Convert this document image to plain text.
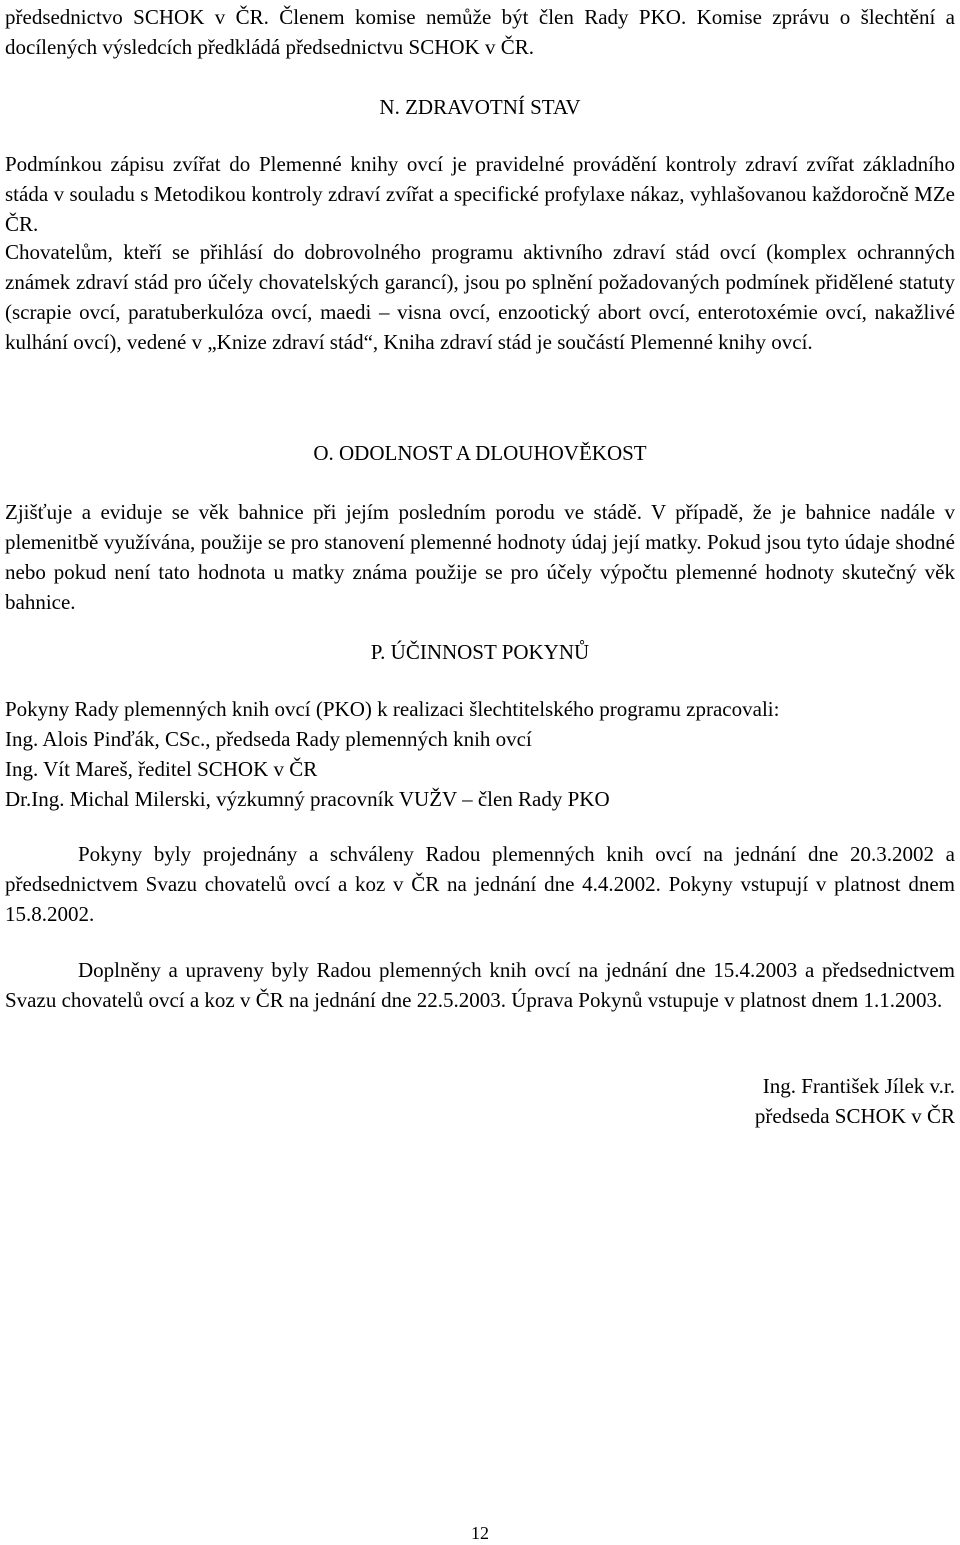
předsednictvo SCHOK v ČR. Členem komise nemůže být člen Rady PKO. Komise zprávu o šlechtění a docílených výsledcích předkládá předsednictvu SCHOK v ČR.

N. ZDRAVOTNÍ STAV

Podmínkou zápisu zvířat do Plemenné knihy ovcí je pravidelné provádění kontroly zdraví zvířat základního stáda v souladu s Metodikou kontroly zdraví zvířat a specifické profylaxe nákaz, vyhlašovanou každoročně MZe ČR.

Chovatelům, kteří se přihlásí do dobrovolného programu aktivního zdraví stád ovcí (komplex ochranných známek zdraví stád pro účely chovatelských garancí), jsou po splnění požadovaných podmínek přidělené statuty (scrapie ovcí, paratuberkulóza ovcí, maedi – visna ovcí, enzootický abort ovcí, enterotoxémie ovcí, nakažlivé kulhání ovcí), vedené v „Knize zdraví stád“, Kniha zdraví stád je součástí Plemenné knihy ovcí.

O. ODOLNOST A DLOUHOVĚKOST

Zjišťuje a eviduje se věk bahnice při jejím posledním porodu ve stádě. V případě, že je bahnice nadále v plemenitbě využívána, použije se pro stanovení plemenné hodnoty údaj její matky. Pokud jsou tyto údaje shodné nebo pokud není tato hodnota u matky známa použije se pro účely výpočtu plemenné hodnoty skutečný věk bahnice.

P. ÚČINNOST POKYNŮ

Pokyny Rady plemenných knih ovcí (PKO) k realizaci šlechtitelského programu zpracovali:
Ing. Alois Pinďák, CSc., předseda Rady plemenných knih ovcí
Ing. Vít Mareš, ředitel SCHOK v ČR
Dr.Ing. Michal Milerski, výzkumný pracovník VUŽV – člen Rady PKO

Pokyny byly projednány a schváleny Radou plemenných knih ovcí na jednání dne 20.3.2002 a předsednictvem Svazu chovatelů ovcí a koz v ČR na jednání dne 4.4.2002. Pokyny vstupují v platnost dnem 15.8.2002.

Doplněny a upraveny byly Radou plemenných knih ovcí na jednání dne 15.4.2003 a předsednictvem Svazu chovatelů ovcí a koz v ČR na jednání dne 22.5.2003. Úprava Pokynů vstupuje v platnost dnem 1.1.2003.

Ing. František Jílek v.r.
předseda SCHOK v ČR
12
